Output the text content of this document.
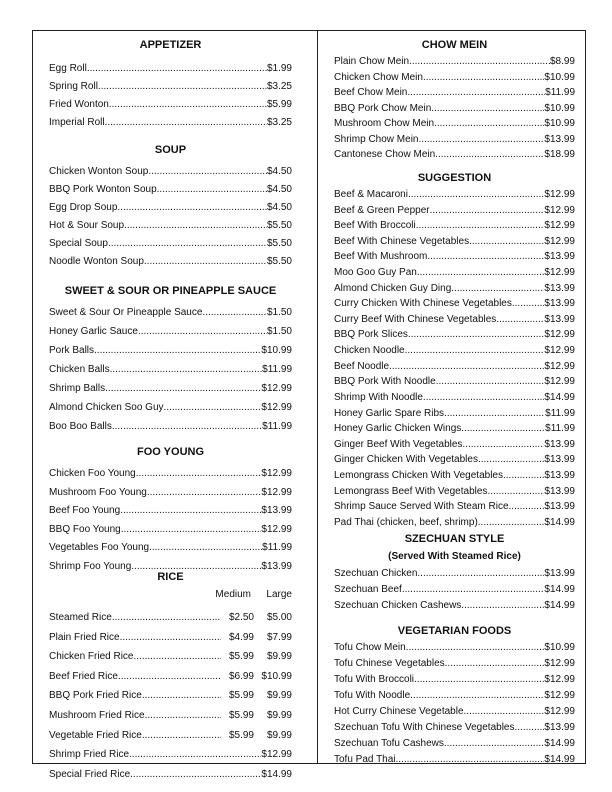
APPETIZER
Egg Roll .....	$1.99
Spring Roll .....	$3.25
Fried Wonton .....	$5.99
Imperial Roll .....	$3.25
SOUP
Chicken Wonton Soup .....	$4.50
BBQ Pork Wonton Soup .....	$4.50
Egg Drop Soup .....	$4.50
Hot & Sour Soup .....	$5.50
Special Soup .....	$5.50
Noodle Wonton Soup .....	$5.50
SWEET & SOUR OR PINEAPPLE SAUCE
Sweet & Sour Or Pineapple Sauce .....	$1.50
Honey Garlic Sauce .....	$1.50
Pork Balls .....	$10.99
Chicken Balls .....	$11.99
Shrimp Balls .....	$12.99
Almond Chicken Soo Guy .....	$12.99
Boo Boo Balls .....	$11.99
FOO YOUNG
Chicken Foo Young .....	$12.99
Mushroom Foo Young .....	$12.99
Beef Foo Young .....	$13.99
BBQ Foo Young .....	$12.99
Vegetables Foo Young .....	$11.99
Shrimp Foo Young .....	$13.99
RICE
Medium	Large
Steamed Rice .....	$2.50	$5.00
Plain Fried Rice .....	$4.99	$7.99
Chicken Fried Rice .....	$5.99	$9.99
Beef Fried Rice .....	$6.99 $10.99
BBQ Pork Fried Rice .....	$5.99	$9.99
Mushroom Fried Rice .....	$5.99	$9.99
Vegetable Fried Rice .....	$5.99	$9.99
Shrimp Fried Rice .....	$12.99
Special Fried Rice .....	$14.99
CHOW MEIN
Plain Chow Mein .....	$8.99
Chicken Chow Mein .....	$10.99
Beef Chow Mein .....	$11.99
BBQ Pork Chow Mein .....	$10.99
Mushroom Chow Mein .....	$10.99
Shrimp Chow Mein .....	$13.99
Cantonese Chow Mein .....	$18.99
SUGGESTION
Beef & Macaroni .....	$12.99
Beef & Green Pepper .....	$12.99
Beef With Broccoli .....	$12.99
Beef With Chinese Vegetables .....	$12.99
Beef With Mushroom .....	$13.99
Moo Goo Guy Pan .....	$12.99
Almond Chicken Guy Ding .....	$13.99
Curry Chicken With Chinese Vegetables .....	$13.99
Curry Beef With Chinese Vegetables .....	$13.99
BBQ Pork Slices .....	$12.99
Chicken Noodle .....	$12.99
Beef Noodle .....	$12.99
BBQ Pork With Noodle .....	$12.99
Shrimp With Noodle .....	$14.99
Honey Garlic Spare Ribs .....	$11.99
Honey Garlic Chicken Wings .....	$11.99
Ginger Beef With Vegetables .....	$13.99
Ginger Chicken With Vegetables .....	$13.99
Lemongrass Chicken With Vegetables .....	$13.99
Lemongrass Beef With Vegetables .....	$13.99
Shrimp Sauce Served With Steam Rice .....	$13.99
Pad Thai (chicken, beef, shrimp) .....	$14.99
SZECHUAN STYLE
(Served With Steamed Rice)
Szechuan Chicken .....	$13.99
Szechuan Beef .....	$14.99
Szechuan Chicken Cashews .....	$14.99
VEGETARIAN FOODS
Tofu Chow Mein .....	$10.99
Tofu Chinese Vegetables .....	$12.99
Tofu With Broccoli .....	$12.99
Tofu With Noodle .....	$12.99
Hot Curry Chinese Vegetable .....	$12.99
Szechuan Tofu With Chinese Vegetables .....	$13.99
Szechuan Tofu Cashews .....	$14.99
Tofu Pad Thai .....	$14.99
